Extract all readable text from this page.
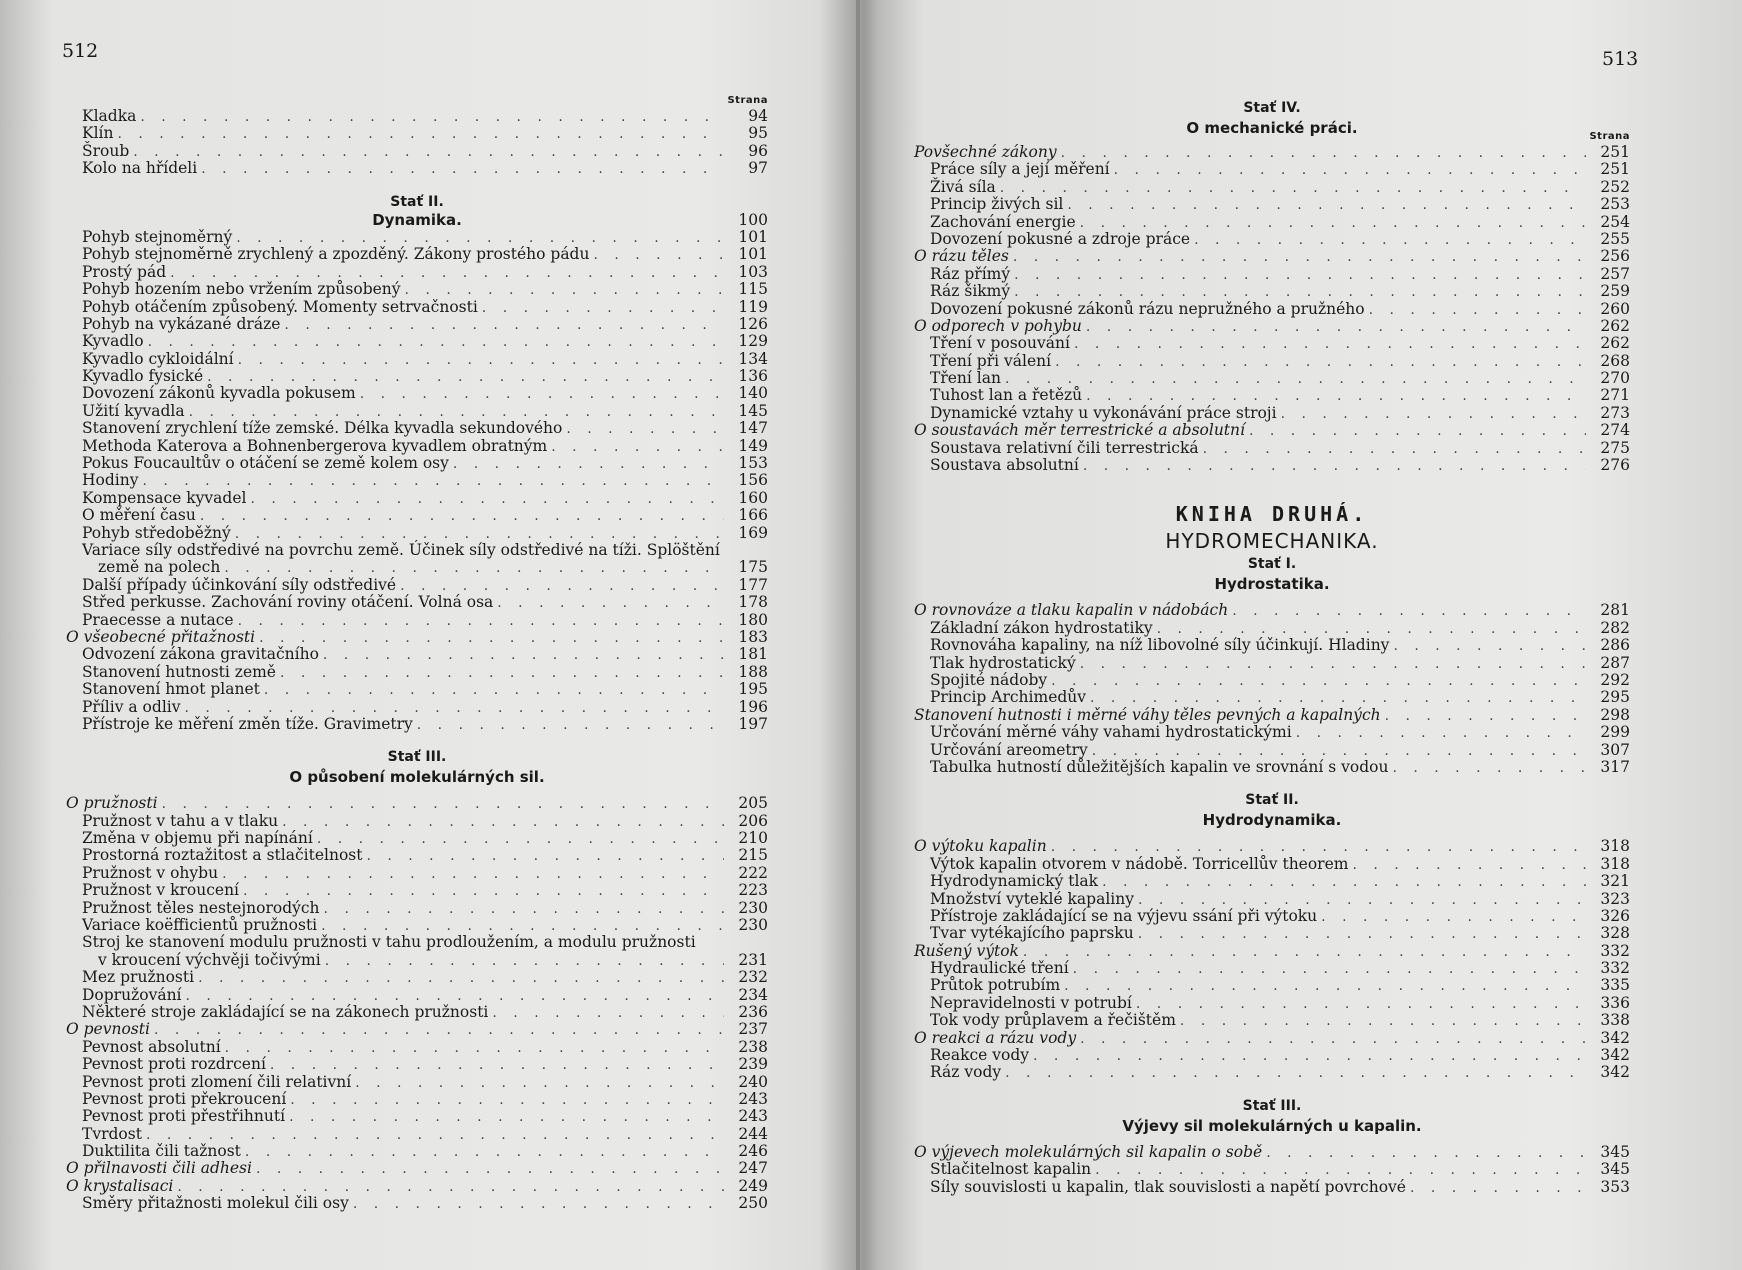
512
Strana
Kladka . . .	94
Klín . . .	95
Šroub . . .	96
Kolo na hřídeli . . .	97
Stať II.
Dynamika.	100
Pohyb stejnoměrný . . .	101
Pohyb stejnoměrně zrychlený a zpozděný. Zákony prostého pádu . . .	101
Prostý pád . . .	103
Pohyb hozením nebo vržením způsobený . . .	115
Pohyb otáčením způsobený. Momenty setrvačnosti . . .	119
Pohyb na vykázané dráze . . .	126
Kyvadlo . . .	129
Kyvadlo cykloidální . . .	134
Kyvadlo fysické . . .	136
Dovození zákonů kyvadla pokusem . . .	140
Užití kyvadla . . .	145
Stanovení zrychlení tíže zemské. Délka kyvadla sekundového . . .	147
Methoda Katerova a Bohnenbergerova kyvadlem obratným . . .	149
Pokus Foucaultův o otáčení se země kolem osy . . .	153
Hodiny . . .	156
Kompensace kyvadel . . .	160
O měření času . . .	166
Pohyb středoběžný . . .	169
Variace síly odstředivé na povrchu země. Účinek síly odstředivé na tíži. Splöštění
země na polech . . .	175
Další případy účinkování síly odstředivé . . .	177
Střed perkusse. Zachování roviny otáčení. Volná osa . . .	178
Praecesse a nutace . . .	180
O všeobecné přitažnosti . . .	183
Odvození zákona gravitačního . . .	181
Stanovení hutnosti země . . .	188
Stanovení hmot planet . . .	195
Příliv a odliv . . .	196
Přístroje ke měření změn tíže. Gravimetry . . .	197
Stať III.
O působení molekulárných sil.
O pružnosti . . .	205
Pružnost v tahu a v tlaku . . .	206
Změna v objemu při napínání . . .	210
Prostorná roztažitost a stlačitelnost . . .	215
Pružnost v ohybu . . .	222
Pružnost v kroucení . . .	223
Pružnost těles nestejnorodých . . .	230
Variace koëfficientů pružnosti . . .	230
Stroj ke stanovení modulu pružnosti v tahu prodloužením, a modulu pružnosti
v kroucení výchvěji točivými . . .	231
Mez pružnosti . . .	232
Dopružování . . .	234
Některé stroje zakládající se na zákonech pružnosti . . .	236
O pevnosti . . .	237
Pevnost absolutní . . .	238
Pevnost proti rozdrcení . . .	239
Pevnost proti zlomení čili relativní . . .	240
Pevnost proti překroucení . . .	243
Pevnost proti přestřihnutí . . .	243
Tvrdost . . .	244
Duktilita čili tažnost . . .	246
O přilnavosti čili adhesi . . .	247
O krystalisaci . . .	249
Směry přitažnosti molekul čili osy . . .	250
513
Stať IV.
O mechanické práci.	Strana
Povšechné zákony . . .	251
Práce síly a její měření . . .	251
Živá síla . . .	252
Princip živých sil . . .	253
Zachování energie . . .	254
Dovození pokusné a zdroje práce . . .	255
O rázu těles . . .	256
Ráz přímý . . .	257
Ráz šikmý . . .	259
Dovození pokusné zákonů rázu nepružného a pružného . . .	260
O odporech v pohybu . . .	262
Tření v posouvání . . .	262
Tření při válení . . .	268
Tření lan . . .	270
Tuhost lan a řetězů . . .	271
Dynamické vztahy u vykonávání práce stroji . . .	273
O soustavách měr terrestrické a absolutní . . .	274
Soustava relativní čili terrestrická . . .	275
Soustava absolutní . . .	276
KNIHA DRUHÁ.
HYDROMECHANIKA.
Stať I.
Hydrostatika.
O rovnováze a tlaku kapalin v nádobách . . .	281
Základní zákon hydrostatiky . . .	282
Rovnováha kapaliny, na níž libovolné síly účinkují. Hladiny . . .	286
Tlak hydrostatický . . .	287
Spojité nádoby . . .	292
Princip Archimedův . . .	295
Stanovení hutnosti i měrné váhy těles pevných a kapalných . . .	298
Určování měrné váhy vahami hydrostatickými . . .	299
Určování areometry . . .	307
Tabulka hutností důležitějších kapalin ve srovnání s vodou . . .	317
Stať II.
Hydrodynamika.
O výtoku kapalin . . .	318
Výtok kapalin otvorem v nádobě. Torricellův theorem . . .	318
Hydrodynamický tlak . . .	321
Množství vyteklé kapaliny . . .	323
Přístroje zakládající se na výjevu ssání při výtoku . . .	326
Tvar vytékajícího paprsku . . .	328
Rušený výtok . . .	332
Hydraulické tření . . .	332
Průtok potrubím . . .	335
Nepravidelnosti v potrubí . . .	336
Tok vody průplavem a řečištěm . . .	338
O reakci a rázu vody . . .	342
Reakce vody . . .	342
Ráz vody . . .	342
Stať III.
Výjevy sil molekulárných u kapalin.
O výjevech molekulárných sil kapalin o sobě . . .	345
Stlačitelnost kapalin . . .	345
Síly souvislosti u kapalin, tlak souvislosti a napětí povrchové . . .	353
